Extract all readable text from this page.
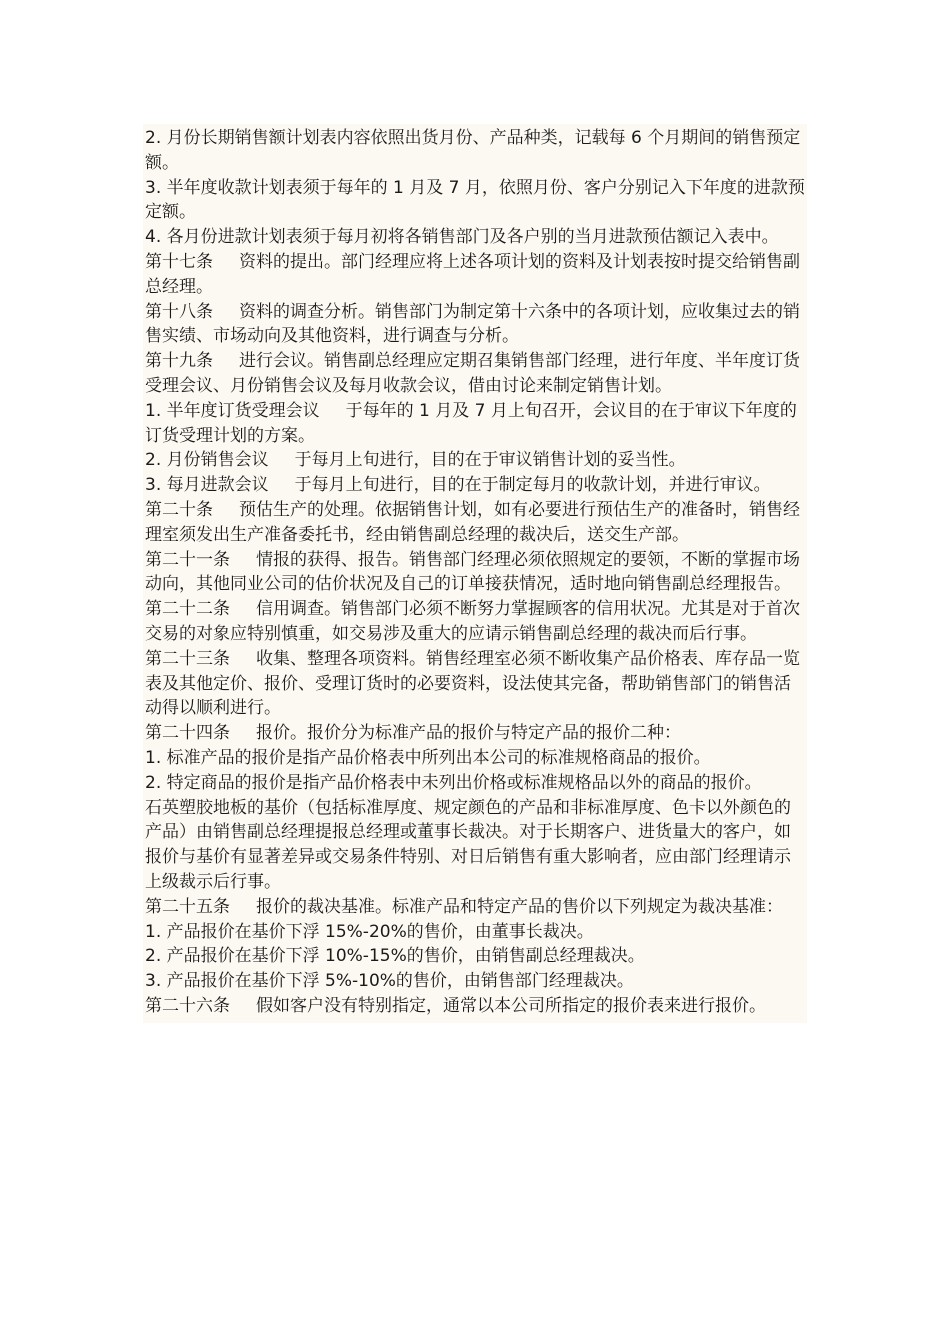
2. 月份长期销售额计划表内容依照出货月份、产品种类，记载每 6 个月期间的销售预定额。

3. 半年度收款计划表须于每年的 1 月及 7 月，依照月份、客户分别记入下年度的进款预定额。

4. 各月份进款计划表须于每月初将各销售部门及各户别的当月进款预估额记入表中。

第十七条 资料的提出。部门经理应将上述各项计划的资料及计划表按时提交给销售副总经理。

第十八条 资料的调查分析。销售部门为制定第十六条中的各项计划，应收集过去的销售实绩、市场动向及其他资料，进行调查与分析。

第十九条 进行会议。销售副总经理应定期召集销售部门经理，进行年度、半年度订货受理会议、月份销售会议及每月收款会议，借由讨论来制定销售计划。

1. 半年度订货受理会议 于每年的 1 月及 7 月上旬召开，会议目的在于审议下年度的订货受理计划的方案。

2. 月份销售会议 于每月上旬进行，目的在于审议销售计划的妥当性。

3. 每月进款会议 于每月上旬进行，目的在于制定每月的收款计划，并进行审议。

第二十条 预估生产的处理。依据销售计划，如有必要进行预估生产的准备时，销售经理室须发出生产准备委托书，经由销售副总经理的裁决后，送交生产部。

第二十一条 情报的获得、报告。销售部门经理必须依照规定的要领，不断的掌握市场动向，其他同业公司的估价状况及自己的订单接获情况，适时地向销售副总经理报告。

第二十二条 信用调查。销售部门必须不断努力掌握顾客的信用状况。尤其是对于首次交易的对象应特别慎重，如交易涉及重大的应请示销售副总经理的裁决而后行事。

第二十三条 收集、整理各项资料。销售经理室必须不断收集产品价格表、库存品一览表及其他定价、报价、受理订货时的必要资料，设法使其完备，帮助销售部门的销售活动得以顺利进行。

第二十四条 报价。报价分为标准产品的报价与特定产品的报价二种：

1. 标准产品的报价是指产品价格表中所列出本公司的标准规格商品的报价。

2. 特定商品的报价是指产品价格表中未列出价格或标准规格品以外的商品的报价。

石英塑胶地板的基价（包括标准厚度、规定颜色的产品和非标准厚度、色卡以外颜色的产品）由销售副总经理提报总经理或董事长裁决。对于长期客户、进货量大的客户，如报价与基价有显著差异或交易条件特别、对日后销售有重大影响者，应由部门经理请示上级裁示后行事。

第二十五条 报价的裁决基准。标准产品和特定产品的售价以下列规定为裁决基准：

1. 产品报价在基价下浮 15%-20%的售价，由董事长裁决。

2. 产品报价在基价下浮 10%-15%的售价，由销售副总经理裁决。

3. 产品报价在基价下浮 5%-10%的售价，由销售部门经理裁决。

第二十六条 假如客户没有特别指定，通常以本公司所指定的报价表来进行报价。
